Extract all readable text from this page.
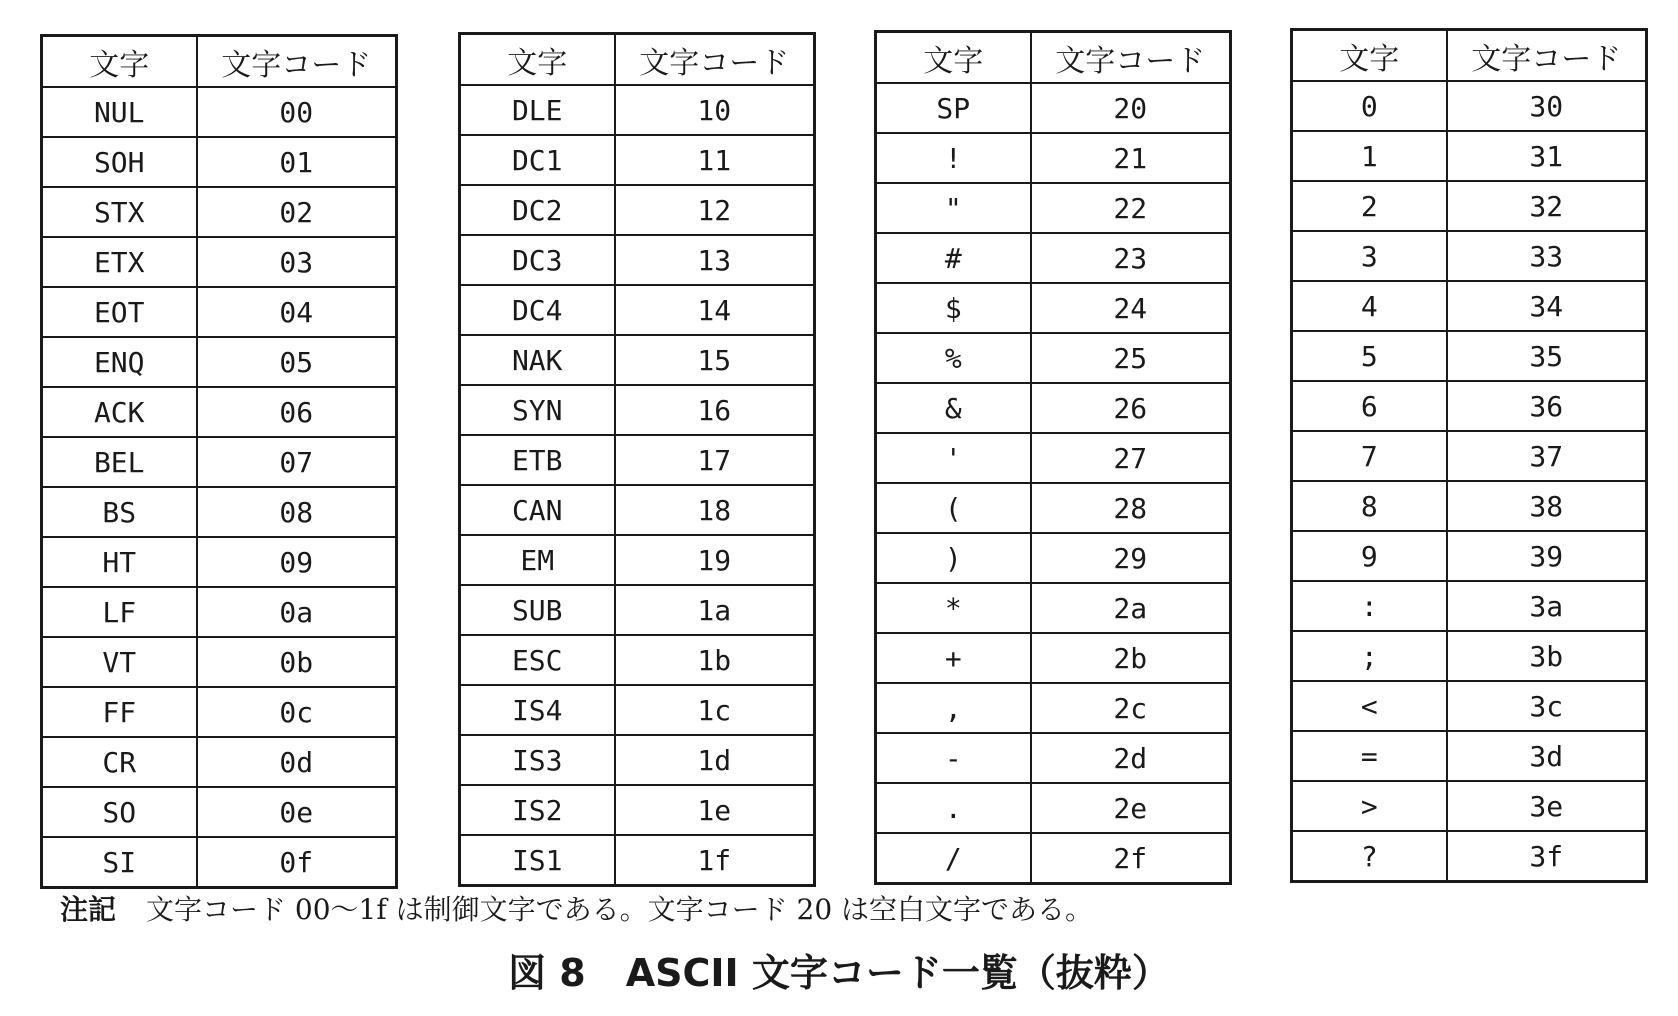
文字	文字コード
NUL	00
SOH	01
STX	02
ETX	03
EOT	04
ENQ	05
ACK	06
BEL	07
BS	08
HT	09
LF	0a
VT	0b
FF	0c
CR	0d
SO	0e
SI	0f
文字	文字コード
DLE	10
DC1	11
DC2	12
DC3	13
DC4	14
NAK	15
SYN	16
ETB	17
CAN	18
EM	19
SUB	1a
ESC	1b
IS4	1c
IS3	1d
IS2	1e
IS1	1f
文字	文字コード
SP	20
!	21
"	22
#	23
$	24
%	25
&	26
'	27
(	28
)	29
*	2a
+	2b
,	2c
-	2d
.	2e
/	2f
文字	文字コード
0	30
1	31
2	32
3	33
4	34
5	35
6	36
7	37
8	38
9	39
:	3a
;	3b
<	3c
=	3d
>	3e
?	3f
注記 文字コード 00～1f は制御文字である。文字コード 20 は空白文字である。
図 8 ASCII 文字コード一覧（抜粋）
